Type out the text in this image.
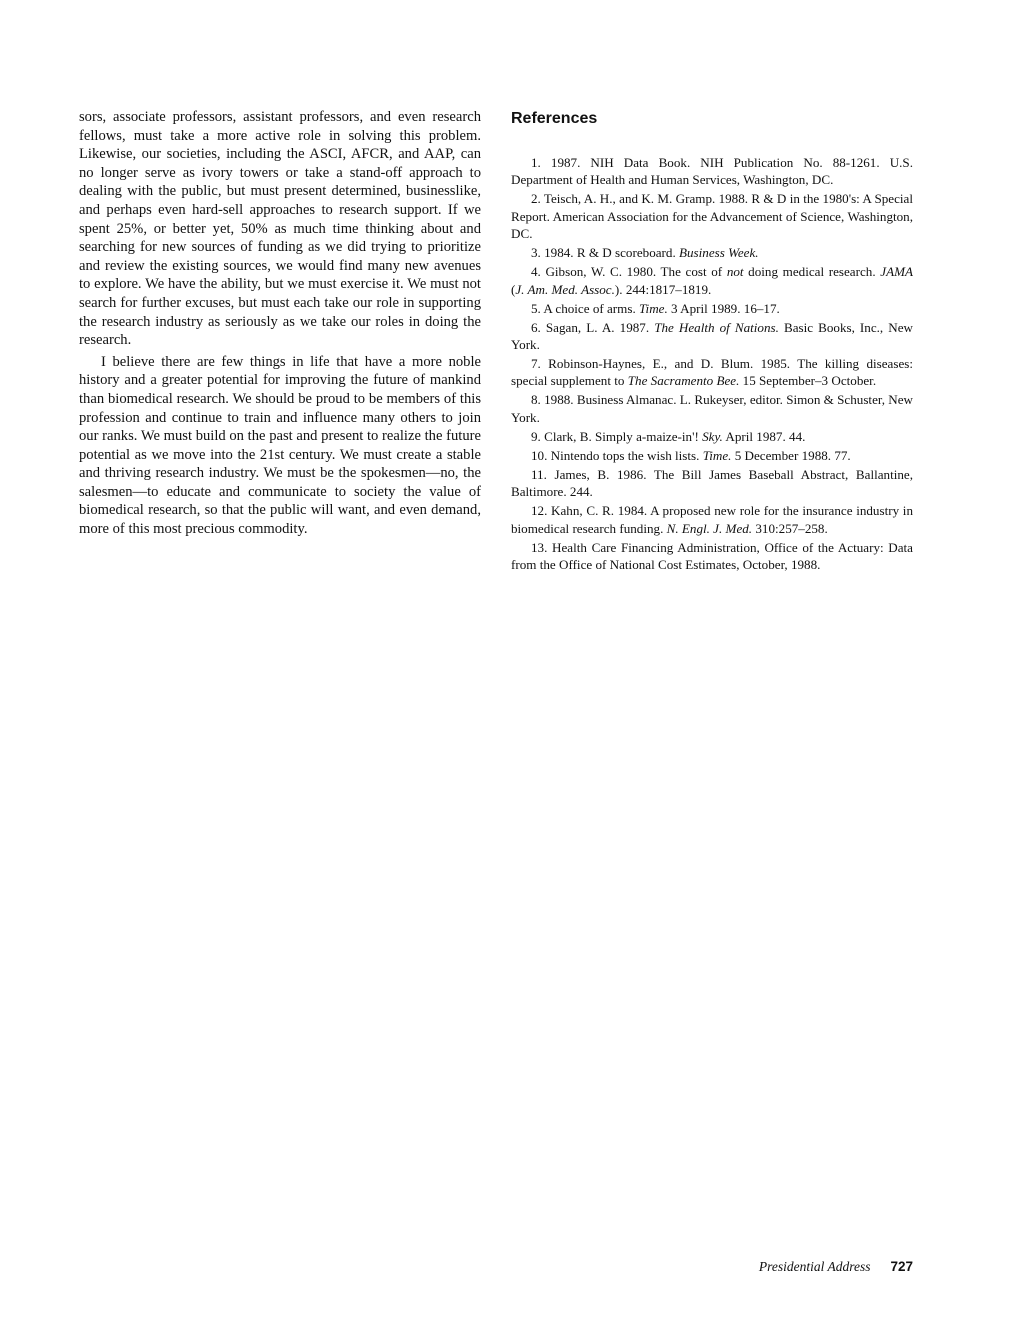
sors, associate professors, assistant professors, and even research fellows, must take a more active role in solving this problem. Likewise, our societies, including the ASCI, AFCR, and AAP, can no longer serve as ivory towers or take a stand-off approach to dealing with the public, but must present determined, businesslike, and perhaps even hard-sell approaches to research support. If we spent 25%, or better yet, 50% as much time thinking about and searching for new sources of funding as we did trying to prioritize and review the existing sources, we would find many new avenues to explore. We have the ability, but we must exercise it. We must not search for further excuses, but must each take our role in supporting the research industry as seriously as we take our roles in doing the research.

I believe there are few things in life that have a more noble history and a greater potential for improving the future of mankind than biomedical research. We should be proud to be members of this profession and continue to train and influence many others to join our ranks. We must build on the past and present to realize the future potential as we move into the 21st century. We must create a stable and thriving research industry. We must be the spokesmen—no, the salesmen—to educate and communicate to society the value of biomedical research, so that the public will want, and even demand, more of this most precious commodity.

References

1. 1987. NIH Data Book. NIH Publication No. 88-1261. U.S. Department of Health and Human Services, Washington, DC.

2. Teisch, A. H., and K. M. Gramp. 1988. R & D in the 1980's: A Special Report. American Association for the Advancement of Science, Washington, DC.

3. 1984. R & D scoreboard. Business Week.

4. Gibson, W. C. 1980. The cost of not doing medical research. JAMA (J. Am. Med. Assoc.). 244:1817–1819.

5. A choice of arms. Time. 3 April 1989. 16–17.

6. Sagan, L. A. 1987. The Health of Nations. Basic Books, Inc., New York.

7. Robinson-Haynes, E., and D. Blum. 1985. The killing diseases: special supplement to The Sacramento Bee. 15 September–3 October.

8. 1988. Business Almanac. L. Rukeyser, editor. Simon & Schuster, New York.

9. Clark, B. Simply a-maize-in'! Sky. April 1987. 44.

10. Nintendo tops the wish lists. Time. 5 December 1988. 77.

11. James, B. 1986. The Bill James Baseball Abstract, Ballantine, Baltimore. 244.

12. Kahn, C. R. 1984. A proposed new role for the insurance industry in biomedical research funding. N. Engl. J. Med. 310:257–258.

13. Health Care Financing Administration, Office of the Actuary: Data from the Office of National Cost Estimates, October, 1988.

Presidential Address 727
